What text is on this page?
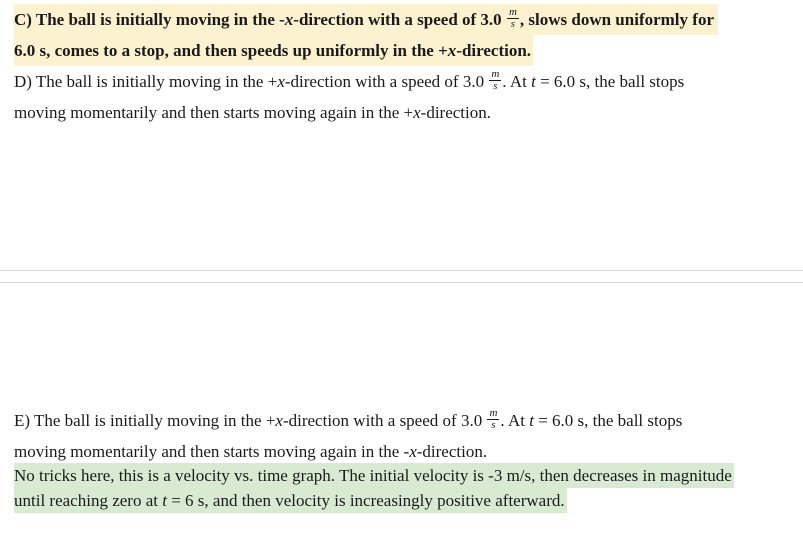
C) The ball is initially moving in the -x-direction with a speed of $3.0 \frac{m}{s}$ , slows down uniformly for
6.0 s, comes to a stop, and then speeds up uniformly in the +x-direction.
D) The ball is initially moving in the +x-direction with a speed of $3.0 \frac{m}{s}$ . At t = 6.0 s, the ball stops
moving momentarily and then starts moving again in the +x-direction.
E) The ball is initially moving in the +x-direction with a speed of $3.0 \frac{m}{s}$ . At t = 6.0 s, the ball stops
moving momentarily and then starts moving again in the -x-direction.
No tricks here, this is a velocity vs. time graph. The initial velocity is -3 m/s, then decreases in magnitude
until reaching zero at t = 6 s, and then velocity is increasingly positive afterward.
